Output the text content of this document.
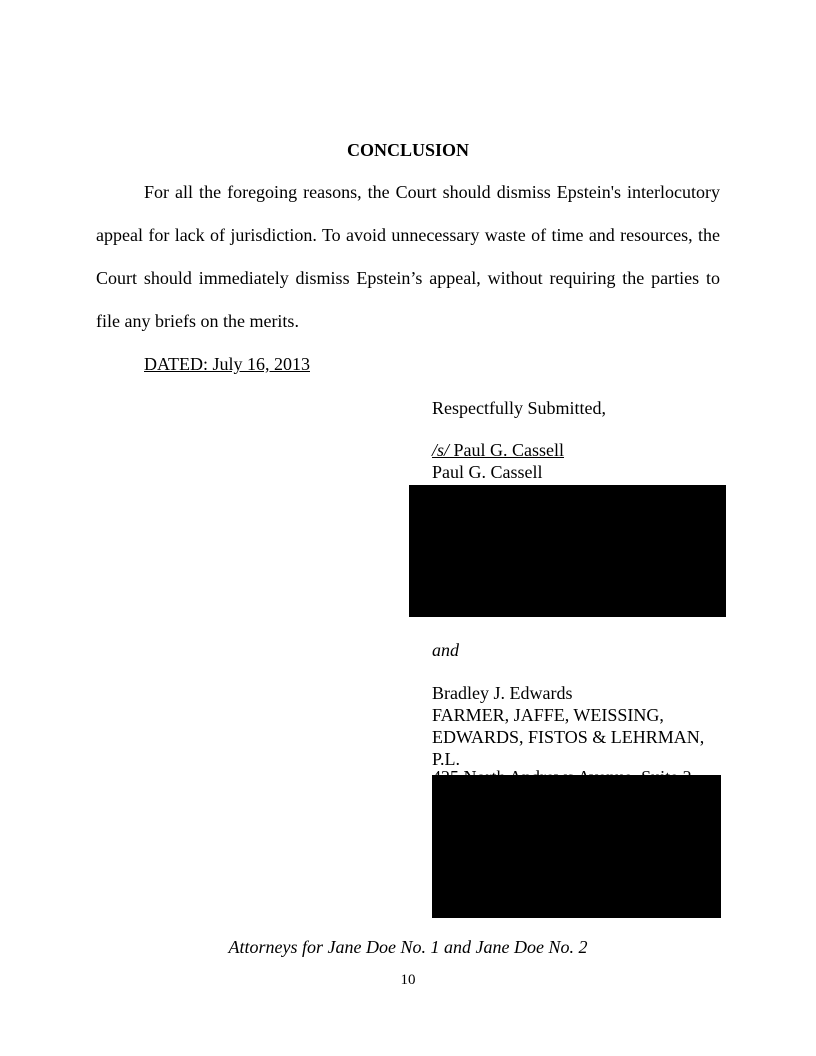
CONCLUSION

For all the foregoing reasons, the Court should dismiss Epstein's interlocutory appeal for lack of jurisdiction. To avoid unnecessary waste of time and resources, the Court should immediately dismiss Epstein’s appeal, without requiring the parties to file any briefs on the merits.

DATED: July 16, 2013
Respectfully Submitted,
/s/ Paul G. Cassell
Paul G. Cassell
and
Bradley J. Edwards
FARMER, JAFFE, WEISSING,
EDWARDS, FISTOS & LEHRMAN,
P.L.
Attorneys for Jane Doe No. 1 and Jane Doe No. 2
10
